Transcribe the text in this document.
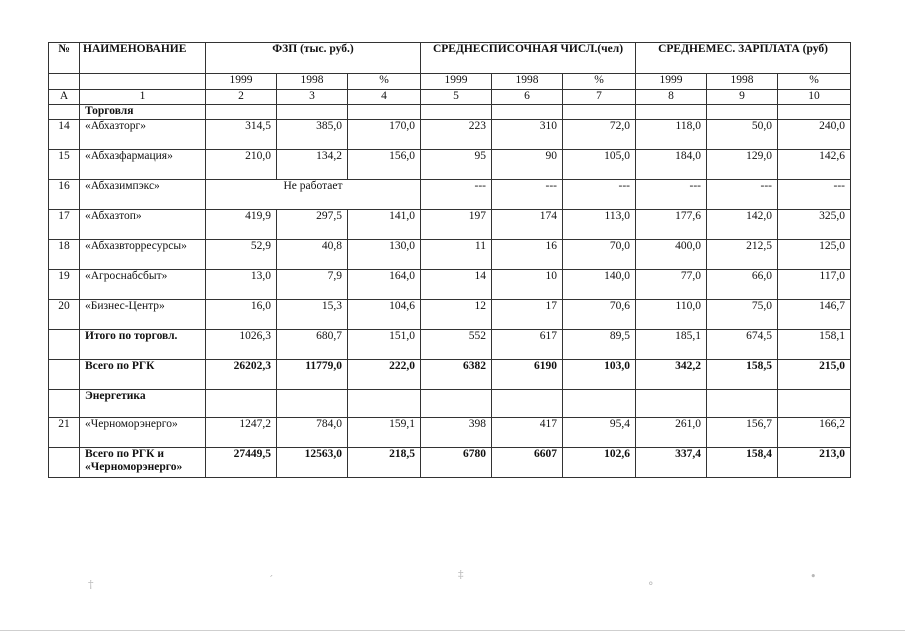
№	НАИМЕНОВАНИЕ	ФЗП (тыс. руб.)			СРЕДНЕСПИСОЧНАЯ ЧИСЛ.(чел)			СРЕДНЕМЕС. ЗАРПЛАТА (руб)		
		1999	1998	%	1999	1998	%	1999	1998	%
А	1	2	3	4	5	6	7	8	9	10
	Торговля									
14	«Абхазторг»	314,5	385,0	170,0	223	310	72,0	118,0	50,0	240,0
15	«Абхазфармация»	210,0	134,2	156,0	95	90	105,0	184,0	129,0	142,6
16	«Абхазимпэкс»	Не работает			---	---	---	---	---	---
17	«Абхазтоп»	419,9	297,5	141,0	197	174	113,0	177,6	142,0	325,0
18	«Абхазвторресурсы»	52,9	40,8	130,0	11	16	70,0	400,0	212,5	125,0
19	«Агроснабсбыт»	13,0	7,9	164,0	14	10	140,0	77,0	66,0	117,0
20	«Бизнес-Центр»	16,0	15,3	104,6	12	17	70,6	110,0	75,0	146,7
	Итого по торговл.	1026,3	680,7	151,0	552	617	89,5	185,1	674,5	158,1
	Всего по РГК	26202,3	11779,0	222,0	6382	6190	103,0	342,2	158,5	215,0
	Энергетика									
21	«Черноморэнерго»	1247,2	784,0	159,1	398	417	95,4	261,0	156,7	166,2
	Всего по РГК и «Черноморэнерго»	27449,5	12563,0	218,5	6780	6607	102,6	337,4	158,4	213,0
†	´	‡
°
•
